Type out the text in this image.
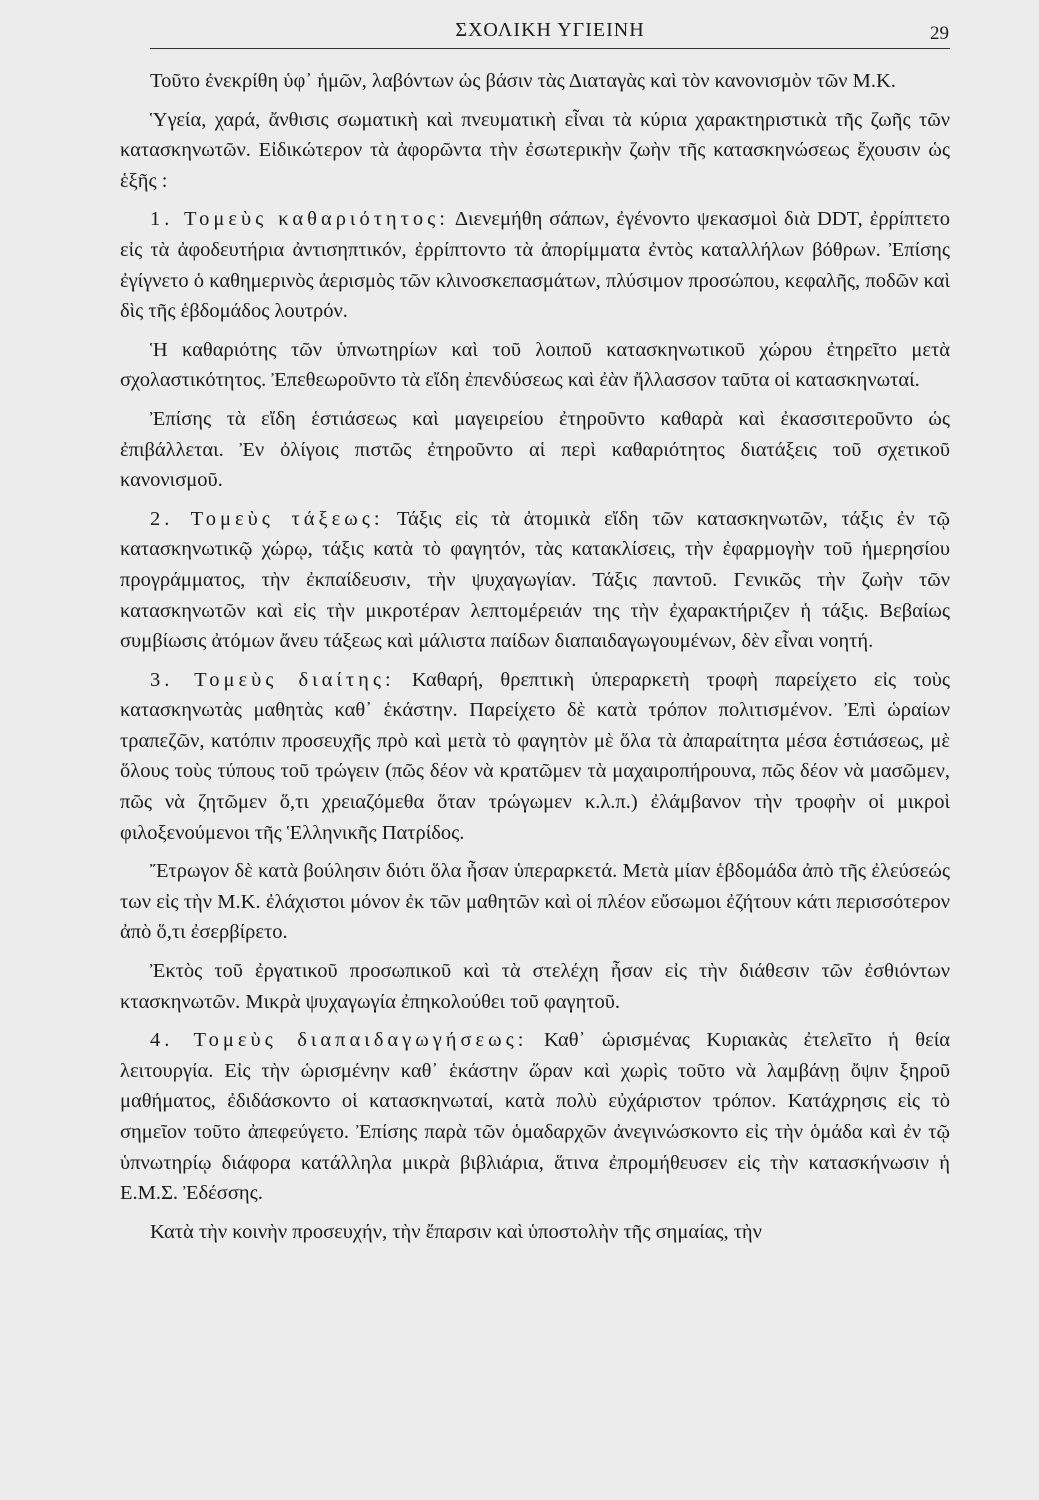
ΣΧΟΛΙΚΗ ΥΓΙΕΙΝΗ	29

Τοῦτο ἐνεκρίθη ὑφ᾽ ἡμῶν, λαβόντων ὡς βάσιν τὰς Διαταγὰς καὶ τὸν κανονισμὸν τῶν Μ.Κ.

Ὑγεία, χαρά, ἄνθισις σωματικὴ καὶ πνευματικὴ εἶναι τὰ κύρια χαρακτηριστικὰ τῆς ζωῆς τῶν κατασκηνωτῶν. Εἰδικώτερον τὰ ἀφορῶντα τὴν ἐσωτερικὴν ζωὴν τῆς κατασκηνώσεως ἔχουσιν ὡς ἑξῆς :

1. Τομεὺς καθαριότητος: Διενεμήθη σάπων, ἐγένοντο ψεκασμοὶ διὰ DDT, ἐρρίπτετο εἰς τὰ ἀφοδευτήρια ἀντισηπτικόν, ἐρρίπτοντο τὰ ἀπορίμματα ἐντὸς καταλλήλων βόθρων. Ἐπίσης ἐγίγνετο ὁ καθημερινὸς ἀερισμὸς τῶν κλινοσκεπασμάτων, πλύσιμον προσώπου, κεφαλῆς, ποδῶν καὶ δὶς τῆς ἑβδομάδος λουτρόν.

Ἡ καθαριότης τῶν ὑπνωτηρίων καὶ τοῦ λοιποῦ κατασκηνωτικοῦ χώρου ἐτηρεῖτο μετὰ σχολαστικότητος. Ἐπεθεωροῦντο τὰ εἴδη ἐπενδύσεως καὶ ἐὰν ἤλλασσον ταῦτα οἱ κατασκηνωταί.

Ἐπίσης τὰ εἴδη ἑστιάσεως καὶ μαγειρείου ἐτηροῦντο καθαρὰ καὶ ἐκασσιτεροῦντο ὡς ἐπιβάλλεται. Ἐν ὀλίγοις πιστῶς ἐτηροῦντο αἱ περὶ καθαριότητος διατάξεις τοῦ σχετικοῦ κανονισμοῦ.

2. Τομεὺς τάξεως: Τάξις εἰς τὰ ἀτομικὰ εἴδη τῶν κατασκηνωτῶν, τάξις ἐν τῷ κατασκηνωτικῷ χώρῳ, τάξις κατὰ τὸ φαγητόν, τὰς κατακλίσεις, τὴν ἐφαρμογὴν τοῦ ἡμερησίου προγράμματος, τὴν ἐκπαίδευσιν, τὴν ψυχαγωγίαν. Τάξις παντοῦ. Γενικῶς τὴν ζωὴν τῶν κατασκηνωτῶν καὶ εἰς τὴν μικροτέραν λεπτομέρειάν της τὴν ἐχαρακτήριζεν ἡ τάξις. Βεβαίως συμβίωσις ἀτόμων ἄνευ τάξεως καὶ μάλιστα παίδων διαπαιδαγωγουμένων, δὲν εἶναι νοητή.

3. Τομεὺς διαίτης: Καθαρή, θρεπτικὴ ὑπεραρκετὴ τροφὴ παρείχετο εἰς τοὺς κατασκηνωτὰς μαθητὰς καθ᾽ ἑκάστην. Παρείχετο δὲ κατὰ τρόπον πολιτισμένον. Ἐπὶ ὡραίων τραπεζῶν, κατόπιν προσευχῆς πρὸ καὶ μετὰ τὸ φαγητὸν μὲ ὅλα τὰ ἀπαραίτητα μέσα ἑστιάσεως, μὲ ὅλους τοὺς τύπους τοῦ τρώγειν (πῶς δέον νὰ κρατῶμεν τὰ μαχαιροπήρουνα, πῶς δέον νὰ μασῶμεν, πῶς νὰ ζητῶμεν ὅ,τι χρειαζόμεθα ὅταν τρώγωμεν κ.λ.π.) ἐλάμβανον τὴν τροφὴν οἱ μικροὶ φιλοξενούμενοι τῆς Ἑλληνικῆς Πατρίδος.

Ἔτρωγον δὲ κατὰ βούλησιν διότι ὅλα ἦσαν ὑπεραρκετά. Μετὰ μίαν ἑβδομάδα ἀπὸ τῆς ἐλεύσεώς των εἰς τὴν Μ.Κ. ἐλάχιστοι μόνον ἐκ τῶν μαθητῶν καὶ οἱ πλέον εὔσωμοι ἐζήτουν κάτι περισσότερον ἀπὸ ὅ,τι ἐσερβίρετο.

Ἐκτὸς τοῦ ἐργατικοῦ προσωπικοῦ καὶ τὰ στελέχη ἦσαν εἰς τὴν διάθεσιν τῶν ἐσθιόντων κτασκηνωτῶν. Μικρὰ ψυχαγωγία ἐπηκολούθει τοῦ φαγητοῦ.

4. Τομεὺς διαπαιδαγωγήσεως: Καθ᾽ ὡρισμένας Κυριακὰς ἐτελεῖτο ἡ θεία λειτουργία. Εἰς τὴν ὡρισμένην καθ᾽ ἑκάστην ὥραν καὶ χωρὶς τοῦτο νὰ λαμβάνῃ ὄψιν ξηροῦ μαθήματος, ἐδιδάσκοντο οἱ κατασκηνωταί, κατὰ πολὺ εὐχάριστον τρόπον. Κατάχρησις εἰς τὸ σημεῖον τοῦτο ἀπεφεύγετο. Ἐπίσης παρὰ τῶν ὁμαδαρχῶν ἀνεγινώσκοντο εἰς τὴν ὁμάδα καὶ ἐν τῷ ὑπνωτηρίῳ διάφορα κατάλληλα μικρὰ βιβλιάρια, ἅτινα ἐπρομήθευσεν εἰς τὴν κατασκήνωσιν ἡ Ε.Μ.Σ. Ἐδέσσης.

Κατὰ τὴν κοινὴν προσευχήν, τὴν ἔπαρσιν καὶ ὑποστολὴν τῆς σημαίας, τὴν
